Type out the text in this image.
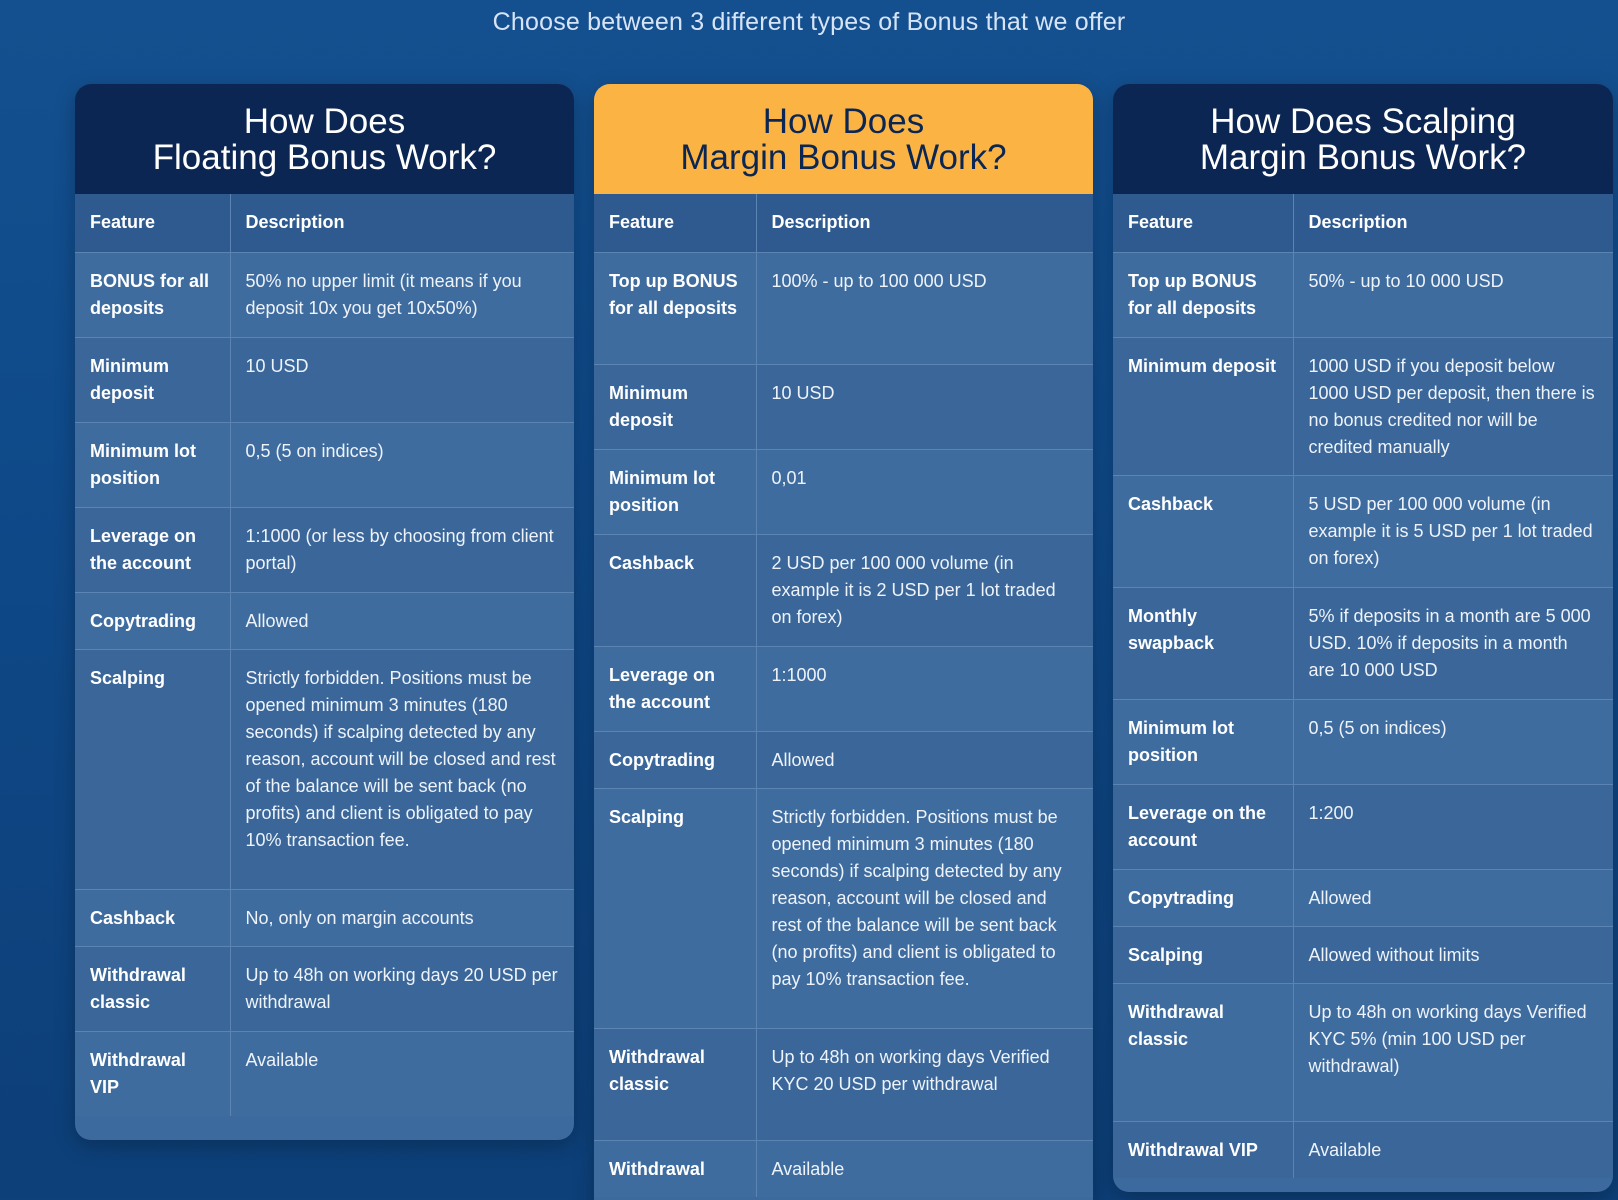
Choose between 3 different types of Bonus that we offer
How Does
Floating Bonus Work?
Feature	Description
BONUS for all deposits	50% no upper limit (it means if you deposit 10x you get 10x50%)
Minimum deposit	10 USD
Minimum lot position	0,5 (5 on indices)
Leverage on the account	1:1000 (or less by choosing from client portal)
Copytrading	Allowed
Scalping	Strictly forbidden. Positions must be opened minimum 3 minutes (180 seconds) if scalping detected by any reason, account will be closed and rest of the balance will be sent back (no profits) and client is obligated to pay 10% transaction fee.
Cashback	No, only on margin accounts
Withdrawal classic	Up to 48h on working days 20 USD per withdrawal
Withdrawal VIP	Available
How Does
Margin Bonus Work?
Feature	Description
Top up BONUS for all deposits	100% - up to 100 000 USD
Minimum deposit	10 USD
Minimum lot position	0,01
Cashback	2 USD per 100 000 volume (in example it is 2 USD per 1 lot traded on forex)
Leverage on the account	1:1000
Copytrading	Allowed
Scalping	Strictly forbidden. Positions must be opened minimum 3 minutes (180 seconds) if scalping detected by any reason, account will be closed and rest of the balance will be sent back (no profits) and client is obligated to pay 10% transaction fee.
Withdrawal classic	Up to 48h on working days Verified KYC 20 USD per withdrawal
Withdrawal	Available
How Does Scalping
Margin Bonus Work?
Feature	Description
Top up BONUS for all deposits	50% - up to 10 000 USD
Minimum deposit	1000 USD if you deposit below 1000 USD per deposit, then there is no bonus credited nor will be credited manually
Cashback	5 USD per 100 000 volume (in example it is 5 USD per 1 lot traded on forex)
Monthly swapback	5% if deposits in a month are 5 000 USD. 10% if deposits in a month are 10 000 USD
Minimum lot position	0,5 (5 on indices)
Leverage on the account	1:200
Copytrading	Allowed
Scalping	Allowed without limits
Withdrawal classic	Up to 48h on working days Verified KYC 5% (min 100 USD per withdrawal)
Withdrawal VIP	Available
